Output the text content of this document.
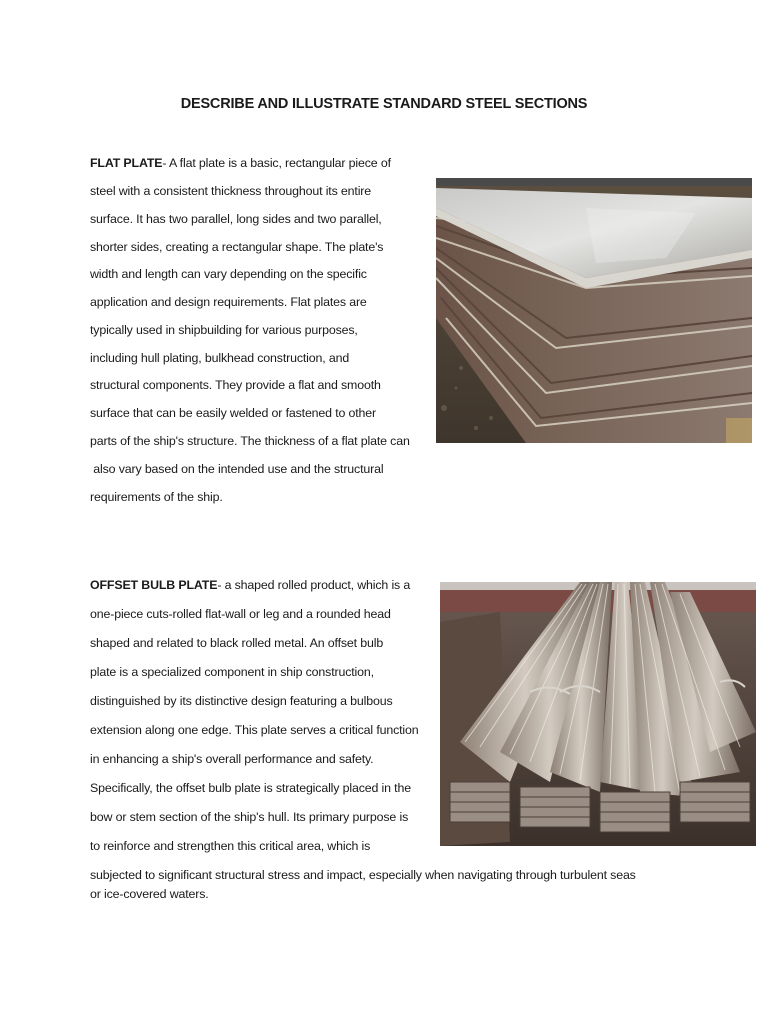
DESCRIBE AND ILLUSTRATE STANDARD STEEL SECTIONS
FLAT PLATE- A flat plate is a basic, rectangular piece of
steel with a consistent thickness throughout its entire
surface. It has two parallel, long sides and two parallel,
shorter sides, creating a rectangular shape. The plate's
width and length can vary depending on the specific
application and design requirements. Flat plates are
typically used in shipbuilding for various purposes,
including hull plating, bulkhead construction, and
structural components. They provide a flat and smooth
surface that can be easily welded or fastened to other
parts of the ship's structure. The thickness of a flat plate can
also vary based on the intended use and the structural
requirements of the ship.
OFFSET BULB PLATE- a shaped rolled product, which is a
one-piece cuts-rolled flat-wall or leg and a rounded head
shaped and related to black rolled metal. An offset bulb
plate is a specialized component in ship construction,
distinguished by its distinctive design featuring a bulbous
extension along one edge. This plate serves a critical function
in enhancing a ship's overall performance and safety.
Specifically, the offset bulb plate is strategically placed in the
bow or stem section of the ship's hull. Its primary purpose is
to reinforce and strengthen this critical area, which is
subjected to significant structural stress and impact, especially when navigating through turbulent seas
or ice-covered waters.
